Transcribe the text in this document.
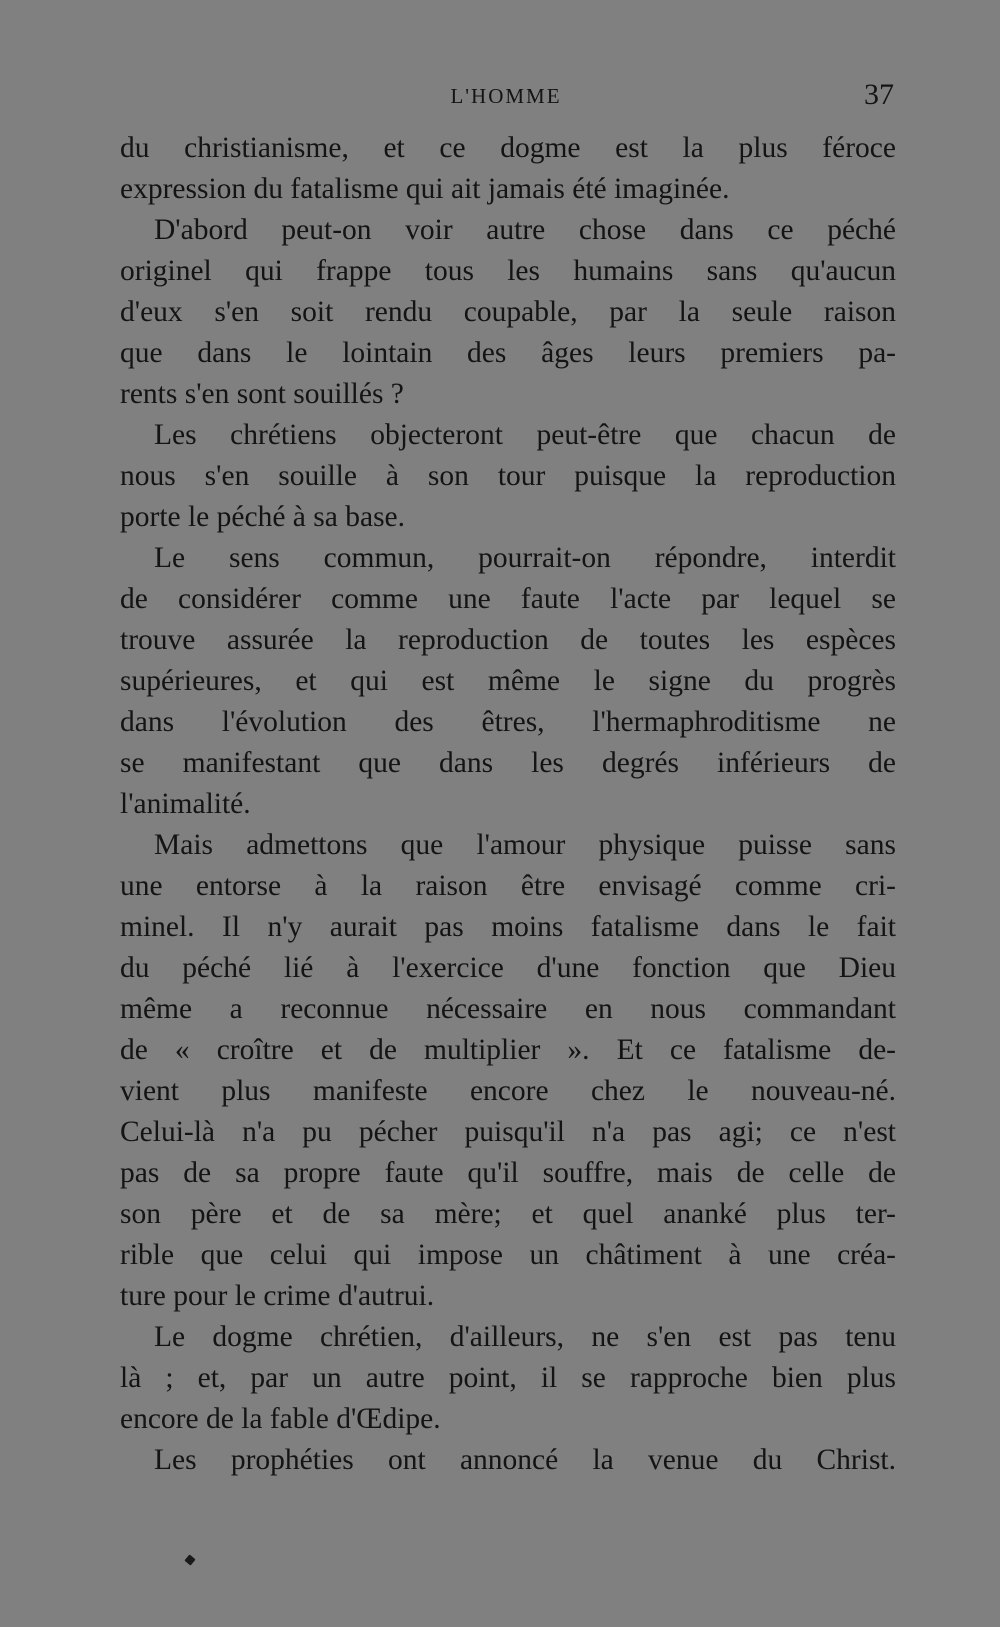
L'HOMME	37
du christianisme, et ce dogme est la plus féroce
expression du fatalisme qui ait jamais été imaginée.
D'abord peut-on voir autre chose dans ce péché
originel qui frappe tous les humains sans qu'aucun
d'eux s'en soit rendu coupable, par la seule raison
que dans le lointain des âges leurs premiers pa-
rents s'en sont souillés ?
Les chrétiens objecteront peut-être que chacun de
nous s'en souille à son tour puisque la reproduction
porte le péché à sa base.
Le sens commun, pourrait-on répondre, interdit
de considérer comme une faute l'acte par lequel se
trouve assurée la reproduction de toutes les espèces
supérieures, et qui est même le signe du progrès
dans l'évolution des êtres, l'hermaphroditisme ne
se manifestant que dans les degrés inférieurs de
l'animalité.
Mais admettons que l'amour physique puisse sans
une entorse à la raison être envisagé comme cri-
minel. Il n'y aurait pas moins fatalisme dans le fait
du péché lié à l'exercice d'une fonction que Dieu
même a reconnue nécessaire en nous commandant
de « croître et de multiplier ». Et ce fatalisme de-
vient plus manifeste encore chez le nouveau-né.
Celui-là n'a pu pécher puisqu'il n'a pas agi; ce n'est
pas de sa propre faute qu'il souffre, mais de celle de
son père et de sa mère; et quel ananké plus ter-
rible que celui qui impose un châtiment à une créa-
ture pour le crime d'autrui.
Le dogme chrétien, d'ailleurs, ne s'en est pas tenu
là ; et, par un autre point, il se rapproche bien plus
encore de la fable d'Œdipe.
Les prophéties ont annoncé la venue du Christ.
